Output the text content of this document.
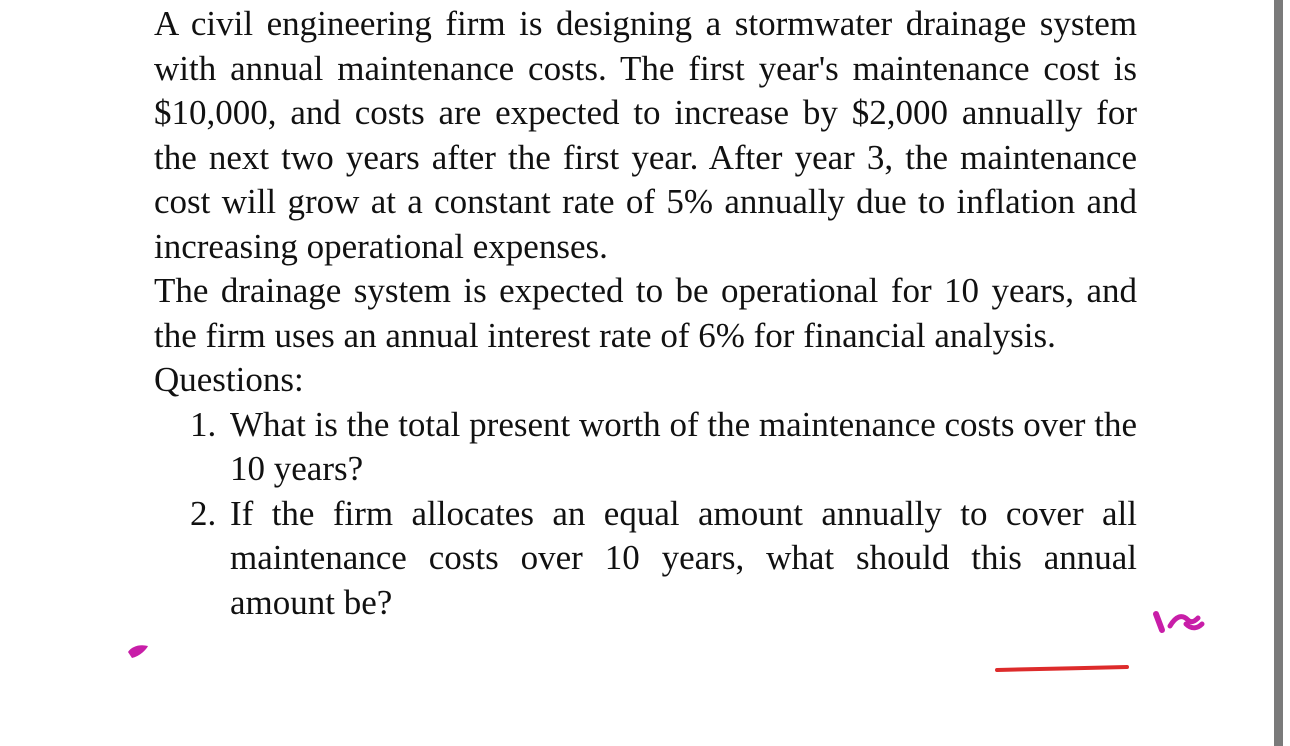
A civil engineering firm is designing a stormwater drainage system with annual maintenance costs. The first year's maintenance cost is $10,000, and costs are expected to increase by $2,000 annually for the next two years after the first year. After year 3, the maintenance cost will grow at a constant rate of 5% annually due to inflation and increasing operational expenses.

The drainage system is expected to be operational for 10 years, and the firm uses an annual interest rate of 6% for financial analysis.

Questions:

1. What is the total present worth of the maintenance costs over the 10 years?
2. If the firm allocates an equal amount annually to cover all maintenance costs over 10 years, what should this annual amount be?
